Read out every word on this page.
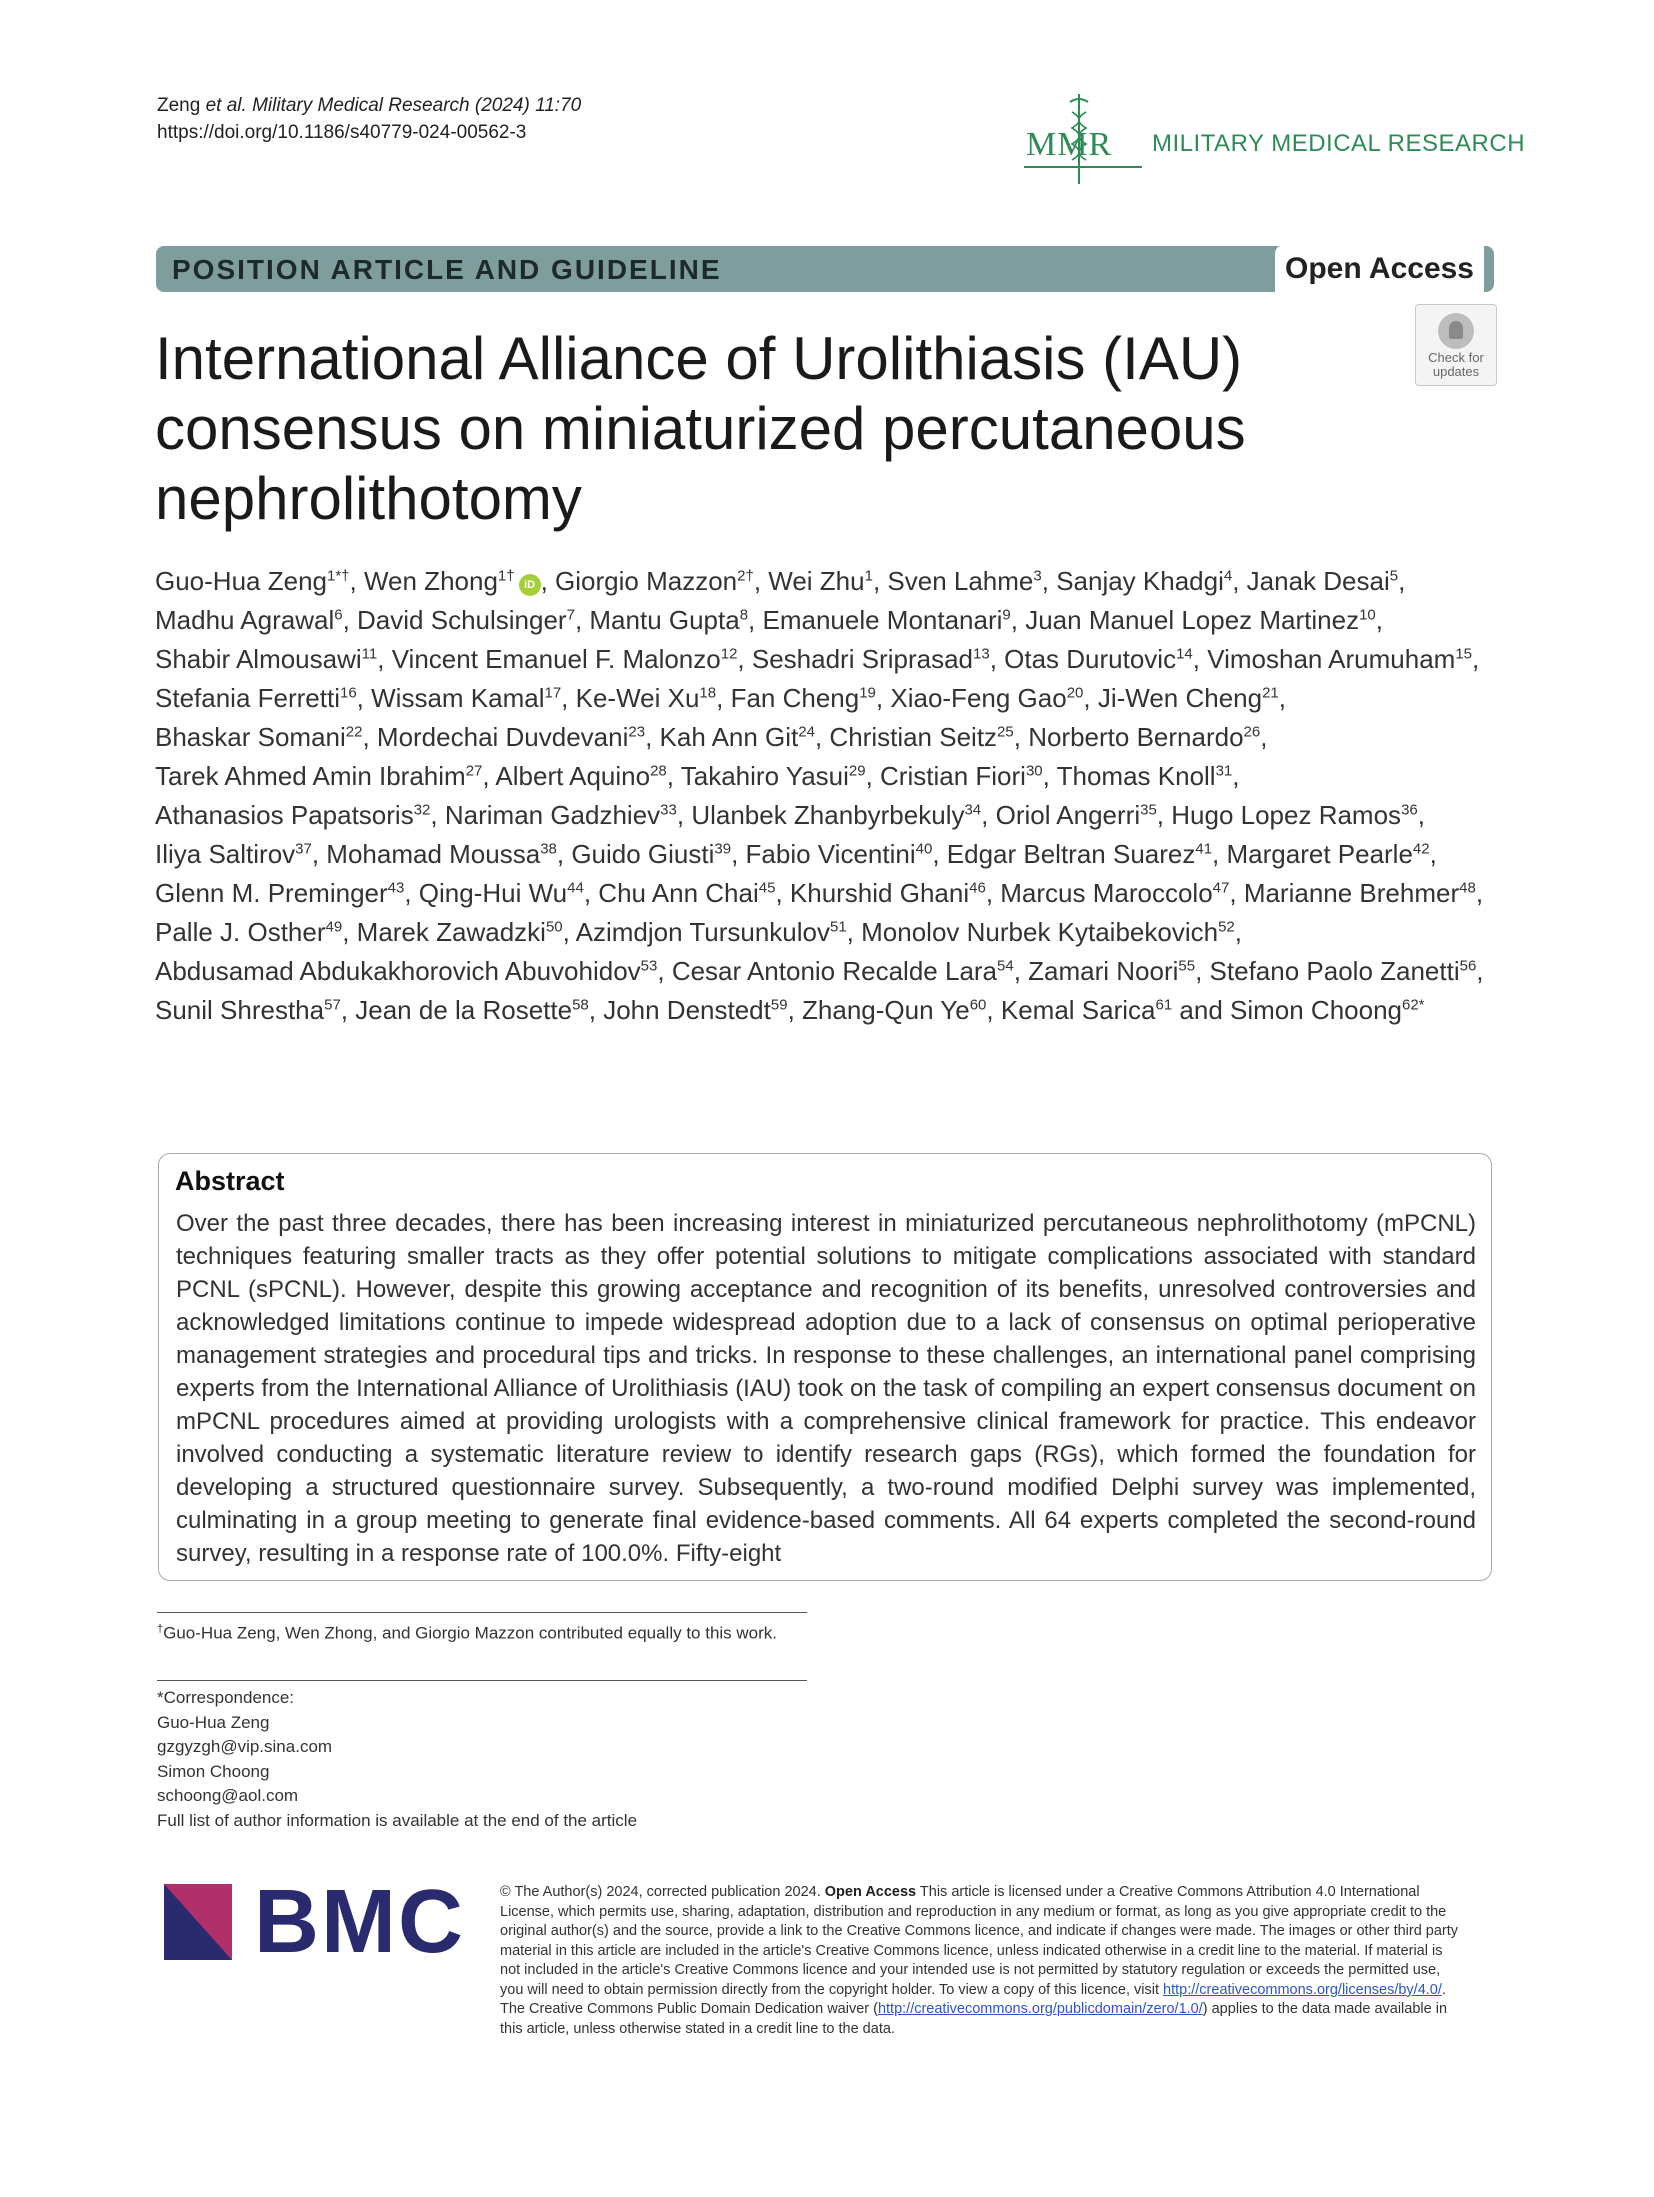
Zeng et al. Military Medical Research (2024) 11:70
https://doi.org/10.1186/s40779-024-00562-3	MMR MILITARY MEDICAL RESEARCH
POSITION ARTICLE AND GUIDELINE	Open Access
International Alliance of Urolithiasis (IAU) consensus on miniaturized percutaneous nephrolithotomy
Check for
updates
Guo-Hua Zeng$^{1*\dagger}$, Wen Zhong$^{1\dagger}$iD , Giorgio Mazzon$^{2\dagger}$, Wei Zhu$^1$, Sven Lahme$^3$, Sanjay Khadgi$^4$, Janak Desai$^5$, Madhu Agrawal$^6$, David Schulsinger$^7$, Mantu Gupta$^8$, Emanuele Montanari$^9$, Juan Manuel Lopez Martinez$^{10}$, Shabir Almousawi$^{11}$, Vincent Emanuel F. Malonzo$^{12}$, Seshadri Sriprasad$^{13}$, Otas Durutovic$^{14}$, Vimoshan Arumuham$^{15}$, Stefania Ferretti$^{16}$, Wissam Kamal$^{17}$, Ke-Wei Xu$^{18}$, Fan Cheng$^{19}$, Xiao-Feng Gao$^{20}$, Ji-Wen Cheng$^{21}$, Bhaskar Somani$^{22}$, Mordechai Duvdevani$^{23}$, Kah Ann Git$^{24}$, Christian Seitz$^{25}$, Norberto Bernardo$^{26}$, Tarek Ahmed Amin Ibrahim$^{27}$, Albert Aquino$^{28}$, Takahiro Yasui$^{29}$, Cristian Fiori$^{30}$, Thomas Knoll$^{31}$, Athanasios Papatsoris$^{32}$, Nariman Gadzhiev$^{33}$, Ulanbek Zhanbyrbekuly$^{34}$, Oriol Angerri$^{35}$, Hugo Lopez Ramos$^{36}$, Iliya Saltirov$^{37}$, Mohamad Moussa$^{38}$, Guido Giusti$^{39}$, Fabio Vicentini$^{40}$, Edgar Beltran Suarez$^{41}$, Margaret Pearle$^{42}$, Glenn M. Preminger$^{43}$, Qing-Hui Wu$^{44}$, Chu Ann Chai$^{45}$, Khurshid Ghani$^{46}$, Marcus Maroccolo$^{47}$, Marianne Brehmer$^{48}$, Palle J. Osther$^{49}$, Marek Zawadzki$^{50}$, Azimdjon Tursunkulov$^{51}$, Monolov Nurbek Kytaibekovich$^{52}$, Abdusamad Abdukakhorovich Abuvohidov$^{53}$, Cesar Antonio Recalde Lara$^{54}$, Zamari Noori$^{55}$, Stefano Paolo Zanetti$^{56}$, Sunil Shrestha$^{57}$, Jean de la Rosette$^{58}$, John Denstedt$^{59}$, Zhang-Qun Ye$^{60}$, Kemal Sarica$^{61}$ and Simon Choong$^{62*}$
Abstract

Over the past three decades, there has been increasing interest in miniaturized percutaneous nephrolithotomy (mPCNL) techniques featuring smaller tracts as they offer potential solutions to mitigate complications associated with standard PCNL (sPCNL). However, despite this growing acceptance and recognition of its benefits, unresolved controversies and acknowledged limitations continue to impede widespread adoption due to a lack of consensus on optimal perioperative management strategies and procedural tips and tricks. In response to these challenges, an international panel comprising experts from the International Alliance of Urolithiasis (IAU) took on the task of compiling an expert consensus document on mPCNL procedures aimed at providing urologists with a comprehensive clinical framework for practice. This endeavor involved conducting a systematic literature review to identify research gaps (RGs), which formed the foundation for developing a structured questionnaire survey. Subsequently, a two-round modified Delphi survey was implemented, culminating in a group meeting to generate final evidence-based comments. All 64 experts completed the second-round survey, resulting in a response rate of 100.0%. Fifty-eight

†Guo-Hua Zeng, Wen Zhong, and Giorgio Mazzon contributed equally to this work.
*Correspondence:
Guo-Hua Zeng
gzgyzgh@vip.sina.com
Simon Choong
schoong@aol.com
Full list of author information is available at the end of the article
BMC © The Author(s) 2024, corrected publication 2024. Open Access This article is licensed under a Creative Commons Attribution 4.0 International License, which permits use, sharing, adaptation, distribution and reproduction in any medium or format, as long as you give appropriate credit to the original author(s) and the source, provide a link to the Creative Commons licence, and indicate if changes were made. The images or other third party material in this article are included in the article's Creative Commons licence, unless indicated otherwise in a credit line to the material. If material is not included in the article's Creative Commons licence and your intended use is not permitted by statutory regulation or exceeds the permitted use, you will need to obtain permission directly from the copyright holder. To view a copy of this licence, visit http://creativecommons.org/licenses/by/4.0/. The Creative Commons Public Domain Dedication waiver (http://creativecommons.org/publicdomain/zero/1.0/) applies to the data made available in this article, unless otherwise stated in a credit line to the data.
